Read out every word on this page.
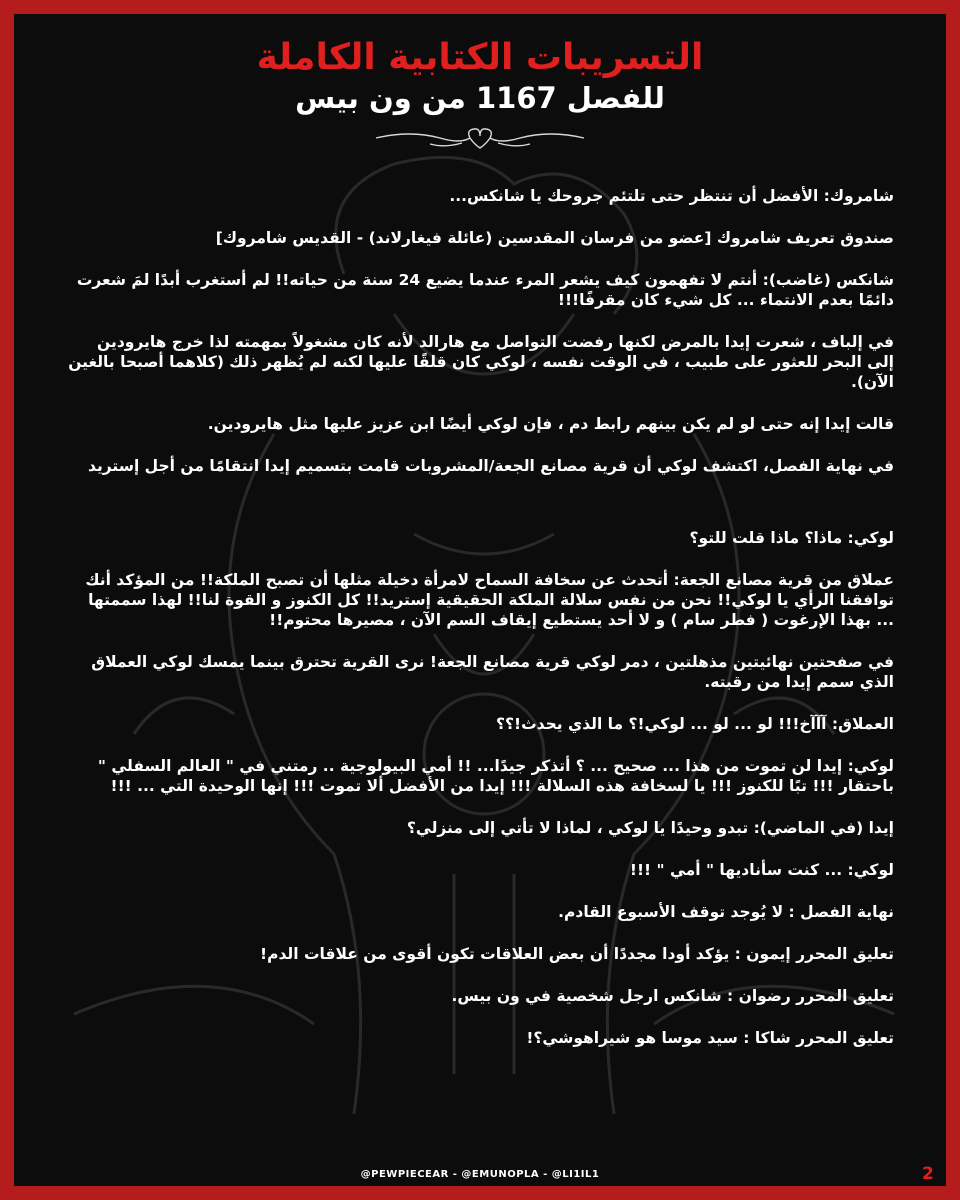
التسريبات الكتابية الكاملة
للفصل 1167 من ون بيس

شامروك: الأفضل أن تنتظر حتى تلتئم جروحك يا شانكس...

صندوق تعريف شامروك [عضو من فرسان المقدسين (عائلة فيغارلاند) - القديس شامروك]

شانكس (غاضب): أنتم لا تفهمون كيف يشعر المرء عندما يضيع 24 سنة من حياته!! لم أستغرب أبدًا لمَ شعرت دائمًا بعدم الانتماء ... كل شيء كان مقرفًا!!!

في إلباف ، شعرت إيدا بالمرض لكنها رفضت التواصل مع هارالد لأنه كان مشغولاً بمهمته لذا خرج هايرودين إلى البحر للعثور على طبيب ، في الوقت نفسه ، لوكي كان قلقًا عليها لكنه لم يُظهر ذلك (كلاهما أصبحا بالغين الآن).

قالت إيدا إنه حتى لو لم يكن بينهم رابط دم ، فإن لوكي أيضًا ابن عزيز عليها مثل هايرودين.

في نهاية الفصل، اكتشف لوكي أن قرية مصانع الجعة/المشروبات قامت بتسميم إيدا انتقامًا من أجل إستريد

لوكي: ماذا؟ ماذا قلت للتو؟

عملاق من قرية مصانع الجعة: أتحدث عن سخافة السماح لامرأة دخيلة مثلها أن تصبح الملكة!! من المؤكد أنك توافقنا الرأي يا لوكي!! نحن من نفس سلالة الملكة الحقيقية إستريد!! كل الكنوز و القوة لنا!! لهذا سممتها ... بهذا الإرغوت ( فطر سام ) و لا أحد يستطيع إيقاف السم الآن ، مصيرها محتوم!!

في صفحتين نهائيتين مذهلتين ، دمر لوكي قرية مصانع الجعة! نرى القرية تحترق بينما يمسك لوكي العملاق الذي سمم إيدا من رقبته.

العملاق: آآآخ!!! لو ... لو ... لوكي!؟ ما الذي يحدث!؟؟

لوكي: إيدا لن تموت من هذا ... صحيح ... ؟ أتذكر جيدًا... !! أمي البيولوجية .. رمتني في " العالم السفلي " باحتقار !!! تبًا للكنوز !!! يا لسخافة هذه السلالة !!! إيدا من الأفضل ألا تموت !!! إنها الوحيدة التي ... !!!

إيدا (في الماضي): تبدو وحيدًا يا لوكي ، لماذا لا تأتي إلى منزلي؟

لوكي: ... كنت سأناديها " أمي " !!!

نهاية الفصل : لا يُوجد توقف الأسبوع القادم.

تعليق المحرر إيمون : يؤكد أودا مجددًا أن بعض العلاقات تكون أقوى من علاقات الدم!

تعليق المحرر رضوان : شانكس ارجل شخصية في ون بيس.

تعليق المحرر شاكا : سيد موسا هو شيراهوشي؟!

@PEWPIECEAR - @EMUNOPLA - @LI1IL1	2
